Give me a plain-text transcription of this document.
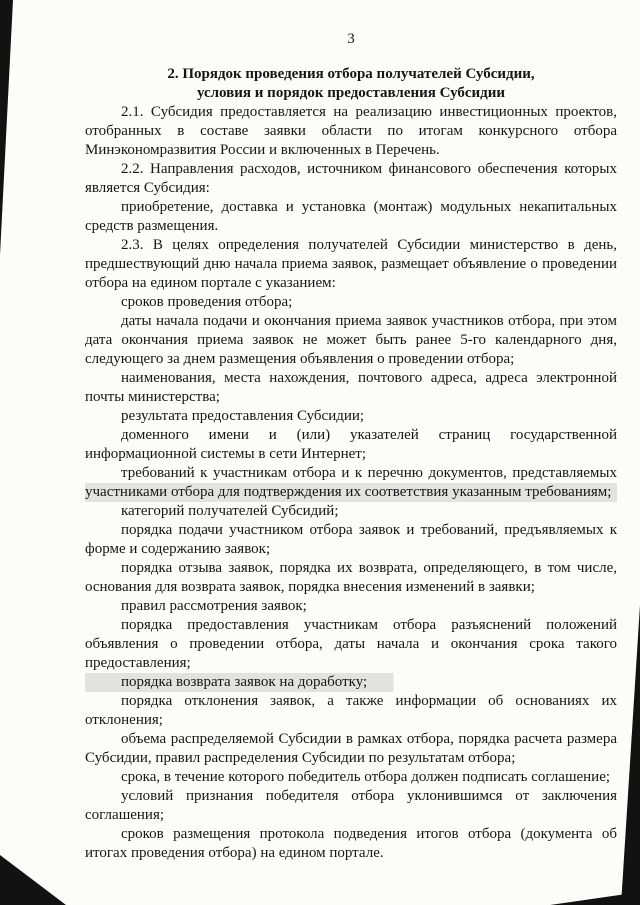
3
2. Порядок проведения отбора получателей Субсидии,
условия и порядок предоставления Субсидии

2.1. Субсидия предоставляется на реализацию инвестиционных проектов, отобранных в составе заявки области по итогам конкурсного отбора Минэкономразвития России и включенных в Перечень.

2.2. Направления расходов, источником финансового обеспечения которых является Субсидия:

приобретение, доставка и установка (монтаж) модульных некапитальных средств размещения.

2.3. В целях определения получателей Субсидии министерство в день, предшествующий дню начала приема заявок, размещает объявление о проведении отбора на едином портале с указанием:

сроков проведения отбора;

даты начала подачи и окончания приема заявок участников отбора, при этом дата окончания приема заявок не может быть ранее 5-го календарного дня, следующего за днем размещения объявления о проведении отбора;

наименования, места нахождения, почтового адреса, адреса электронной почты министерства;

результата предоставления Субсидии;

доменного имени и (или) указателей страниц государственной информационной системы в сети Интернет;

требований к участникам отбора и к перечню документов, представляемых участниками отбора для подтверждения их соответствия указанным требованиям;

категорий получателей Субсидий;

порядка подачи участником отбора заявок и требований, предъявляемых к форме и содержанию заявок;

порядка отзыва заявок, порядка их возврата, определяющего, в том числе, основания для возврата заявок, порядка внесения изменений в заявки;

правил рассмотрения заявок;

порядка предоставления участникам отбора разъяснений положений объявления о проведении отбора, даты начала и окончания срока такого предоставления;

порядка возврата заявок на доработку;

порядка отклонения заявок, а также информации об основаниях их отклонения;

объема распределяемой Субсидии в рамках отбора, порядка расчета размера Субсидии, правил распределения Субсидии по результатам отбора;

срока, в течение которого победитель отбора должен подписать соглашение;

условий признания победителя отбора уклонившимся от заключения соглашения;

сроков размещения протокола подведения итогов отбора (документа об итогах проведения отбора) на едином портале.
